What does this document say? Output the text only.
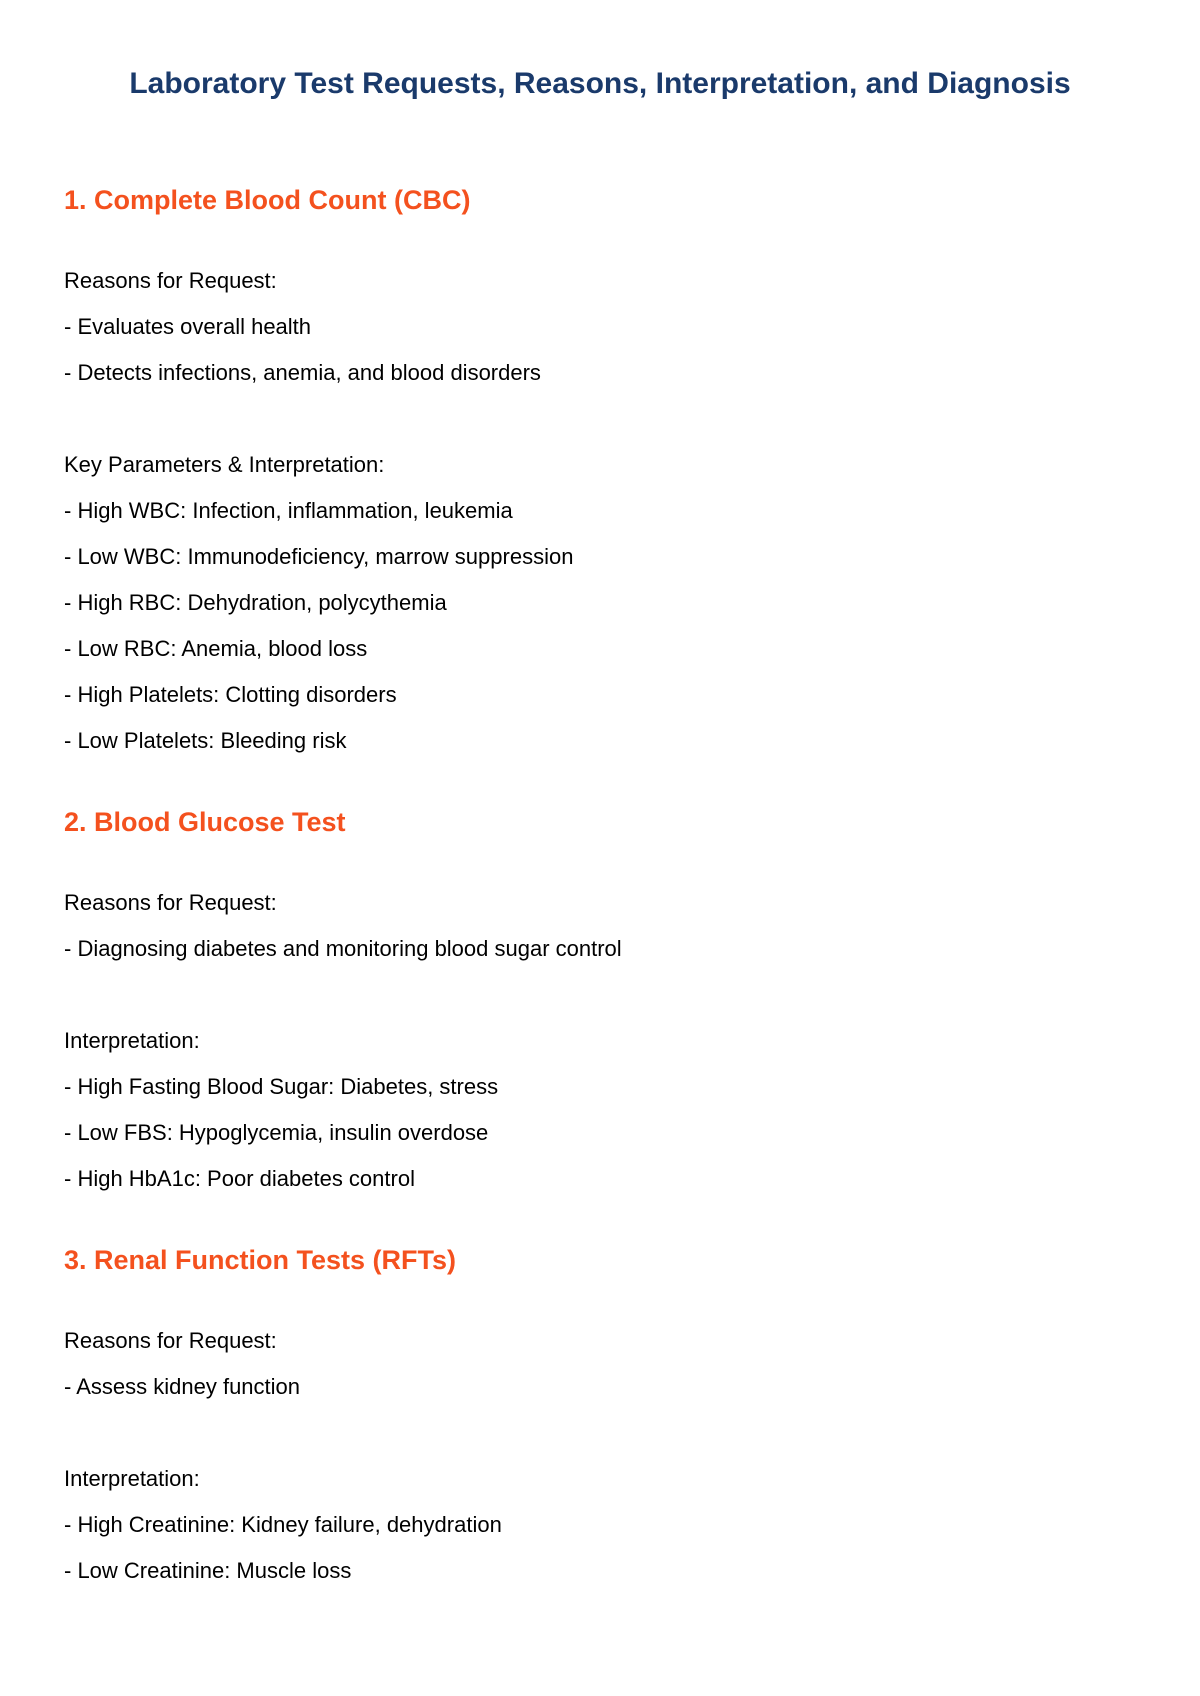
Laboratory Test Requests, Reasons, Interpretation, and Diagnosis
1. Complete Blood Count (CBC)

Reasons for Request:

- Evaluates overall health

- Detects infections, anemia, and blood disorders

Key Parameters & Interpretation:

- High WBC: Infection, inflammation, leukemia

- Low WBC: Immunodeficiency, marrow suppression

- High RBC: Dehydration, polycythemia

- Low RBC: Anemia, blood loss

- High Platelets: Clotting disorders

- Low Platelets: Bleeding risk

2. Blood Glucose Test

Reasons for Request:

- Diagnosing diabetes and monitoring blood sugar control

Interpretation:

- High Fasting Blood Sugar: Diabetes, stress

- Low FBS: Hypoglycemia, insulin overdose

- High HbA1c: Poor diabetes control

3. Renal Function Tests (RFTs)

Reasons for Request:

- Assess kidney function

Interpretation:

- High Creatinine: Kidney failure, dehydration

- Low Creatinine: Muscle loss
